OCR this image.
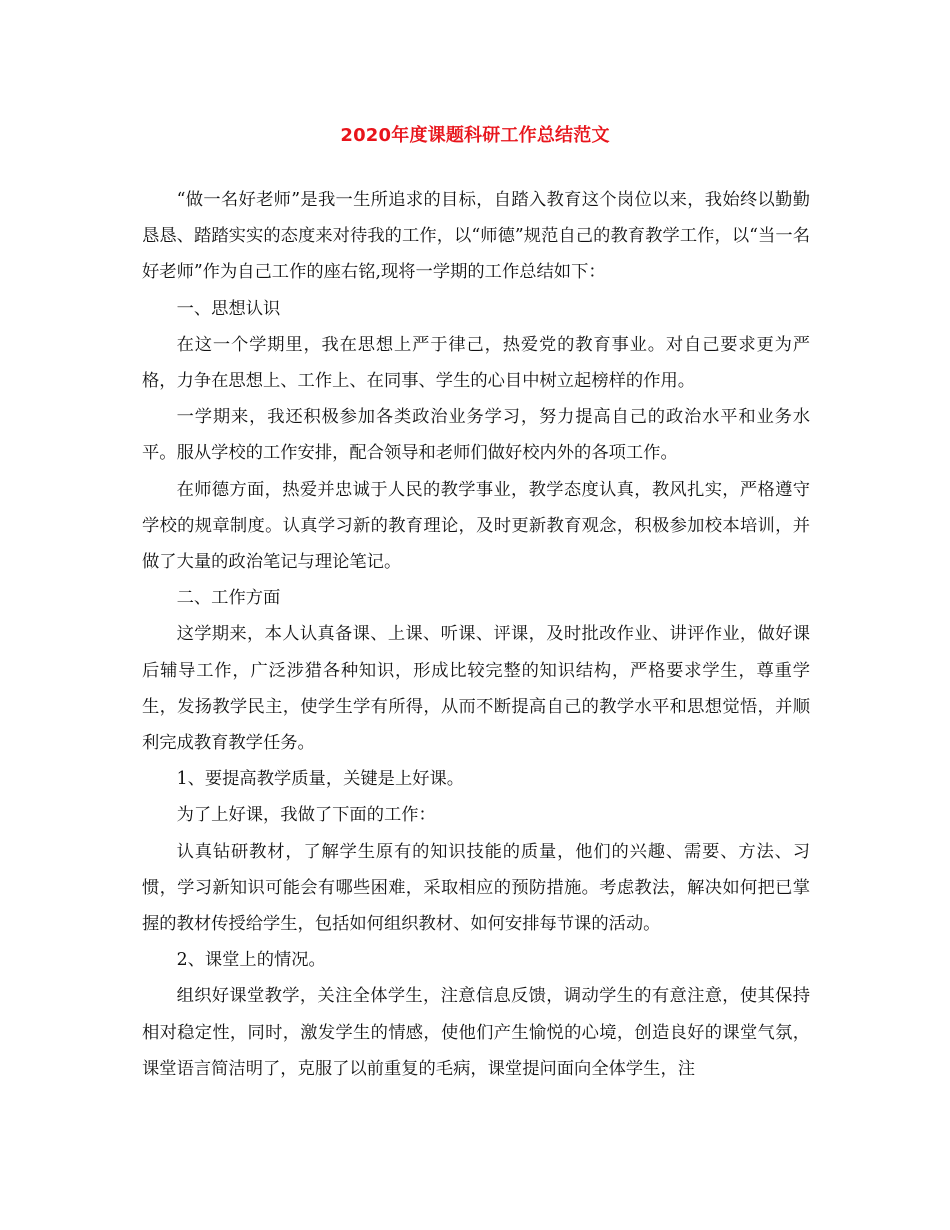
2020年度课题科研工作总结范文

“做一名好老师”是我一生所追求的目标，自踏入教育这个岗位以来，我始终以勤勤恳恳、踏踏实实的态度来对待我的工作，以“师德”规范自己的教育教学工作，以“当一名好老师”作为自己工作的座右铭,现将一学期的工作总结如下：

一、思想认识

在这一个学期里，我在思想上严于律己，热爱党的教育事业。对自己要求更为严格，力争在思想上、工作上、在同事、学生的心目中树立起榜样的作用。

一学期来，我还积极参加各类政治业务学习，努力提高自己的政治水平和业务水平。服从学校的工作安排，配合领导和老师们做好校内外的各项工作。

在师德方面，热爱并忠诚于人民的教学事业，教学态度认真，教风扎实，严格遵守学校的规章制度。认真学习新的教育理论，及时更新教育观念，积极参加校本培训，并做了大量的政治笔记与理论笔记。

二、工作方面

这学期来，本人认真备课、上课、听课、评课，及时批改作业、讲评作业，做好课后辅导工作，广泛涉猎各种知识，形成比较完整的知识结构，严格要求学生，尊重学生，发扬教学民主，使学生学有所得，从而不断提高自己的教学水平和思想觉悟，并顺利完成教育教学任务。

1、要提高教学质量，关键是上好课。

为了上好课，我做了下面的工作：

认真钻研教材，了解学生原有的知识技能的质量，他们的兴趣、需要、方法、习惯，学习新知识可能会有哪些困难，采取相应的预防措施。考虑教法，解决如何把已掌握的教材传授给学生，包括如何组织教材、如何安排每节课的活动。

2、课堂上的情况。

组织好课堂教学，关注全体学生，注意信息反馈，调动学生的有意注意，使其保持相对稳定性，同时，激发学生的情感，使他们产生愉悦的心境，创造良好的课堂气氛，课堂语言简洁明了，克服了以前重复的毛病，课堂提问面向全体学生，注
